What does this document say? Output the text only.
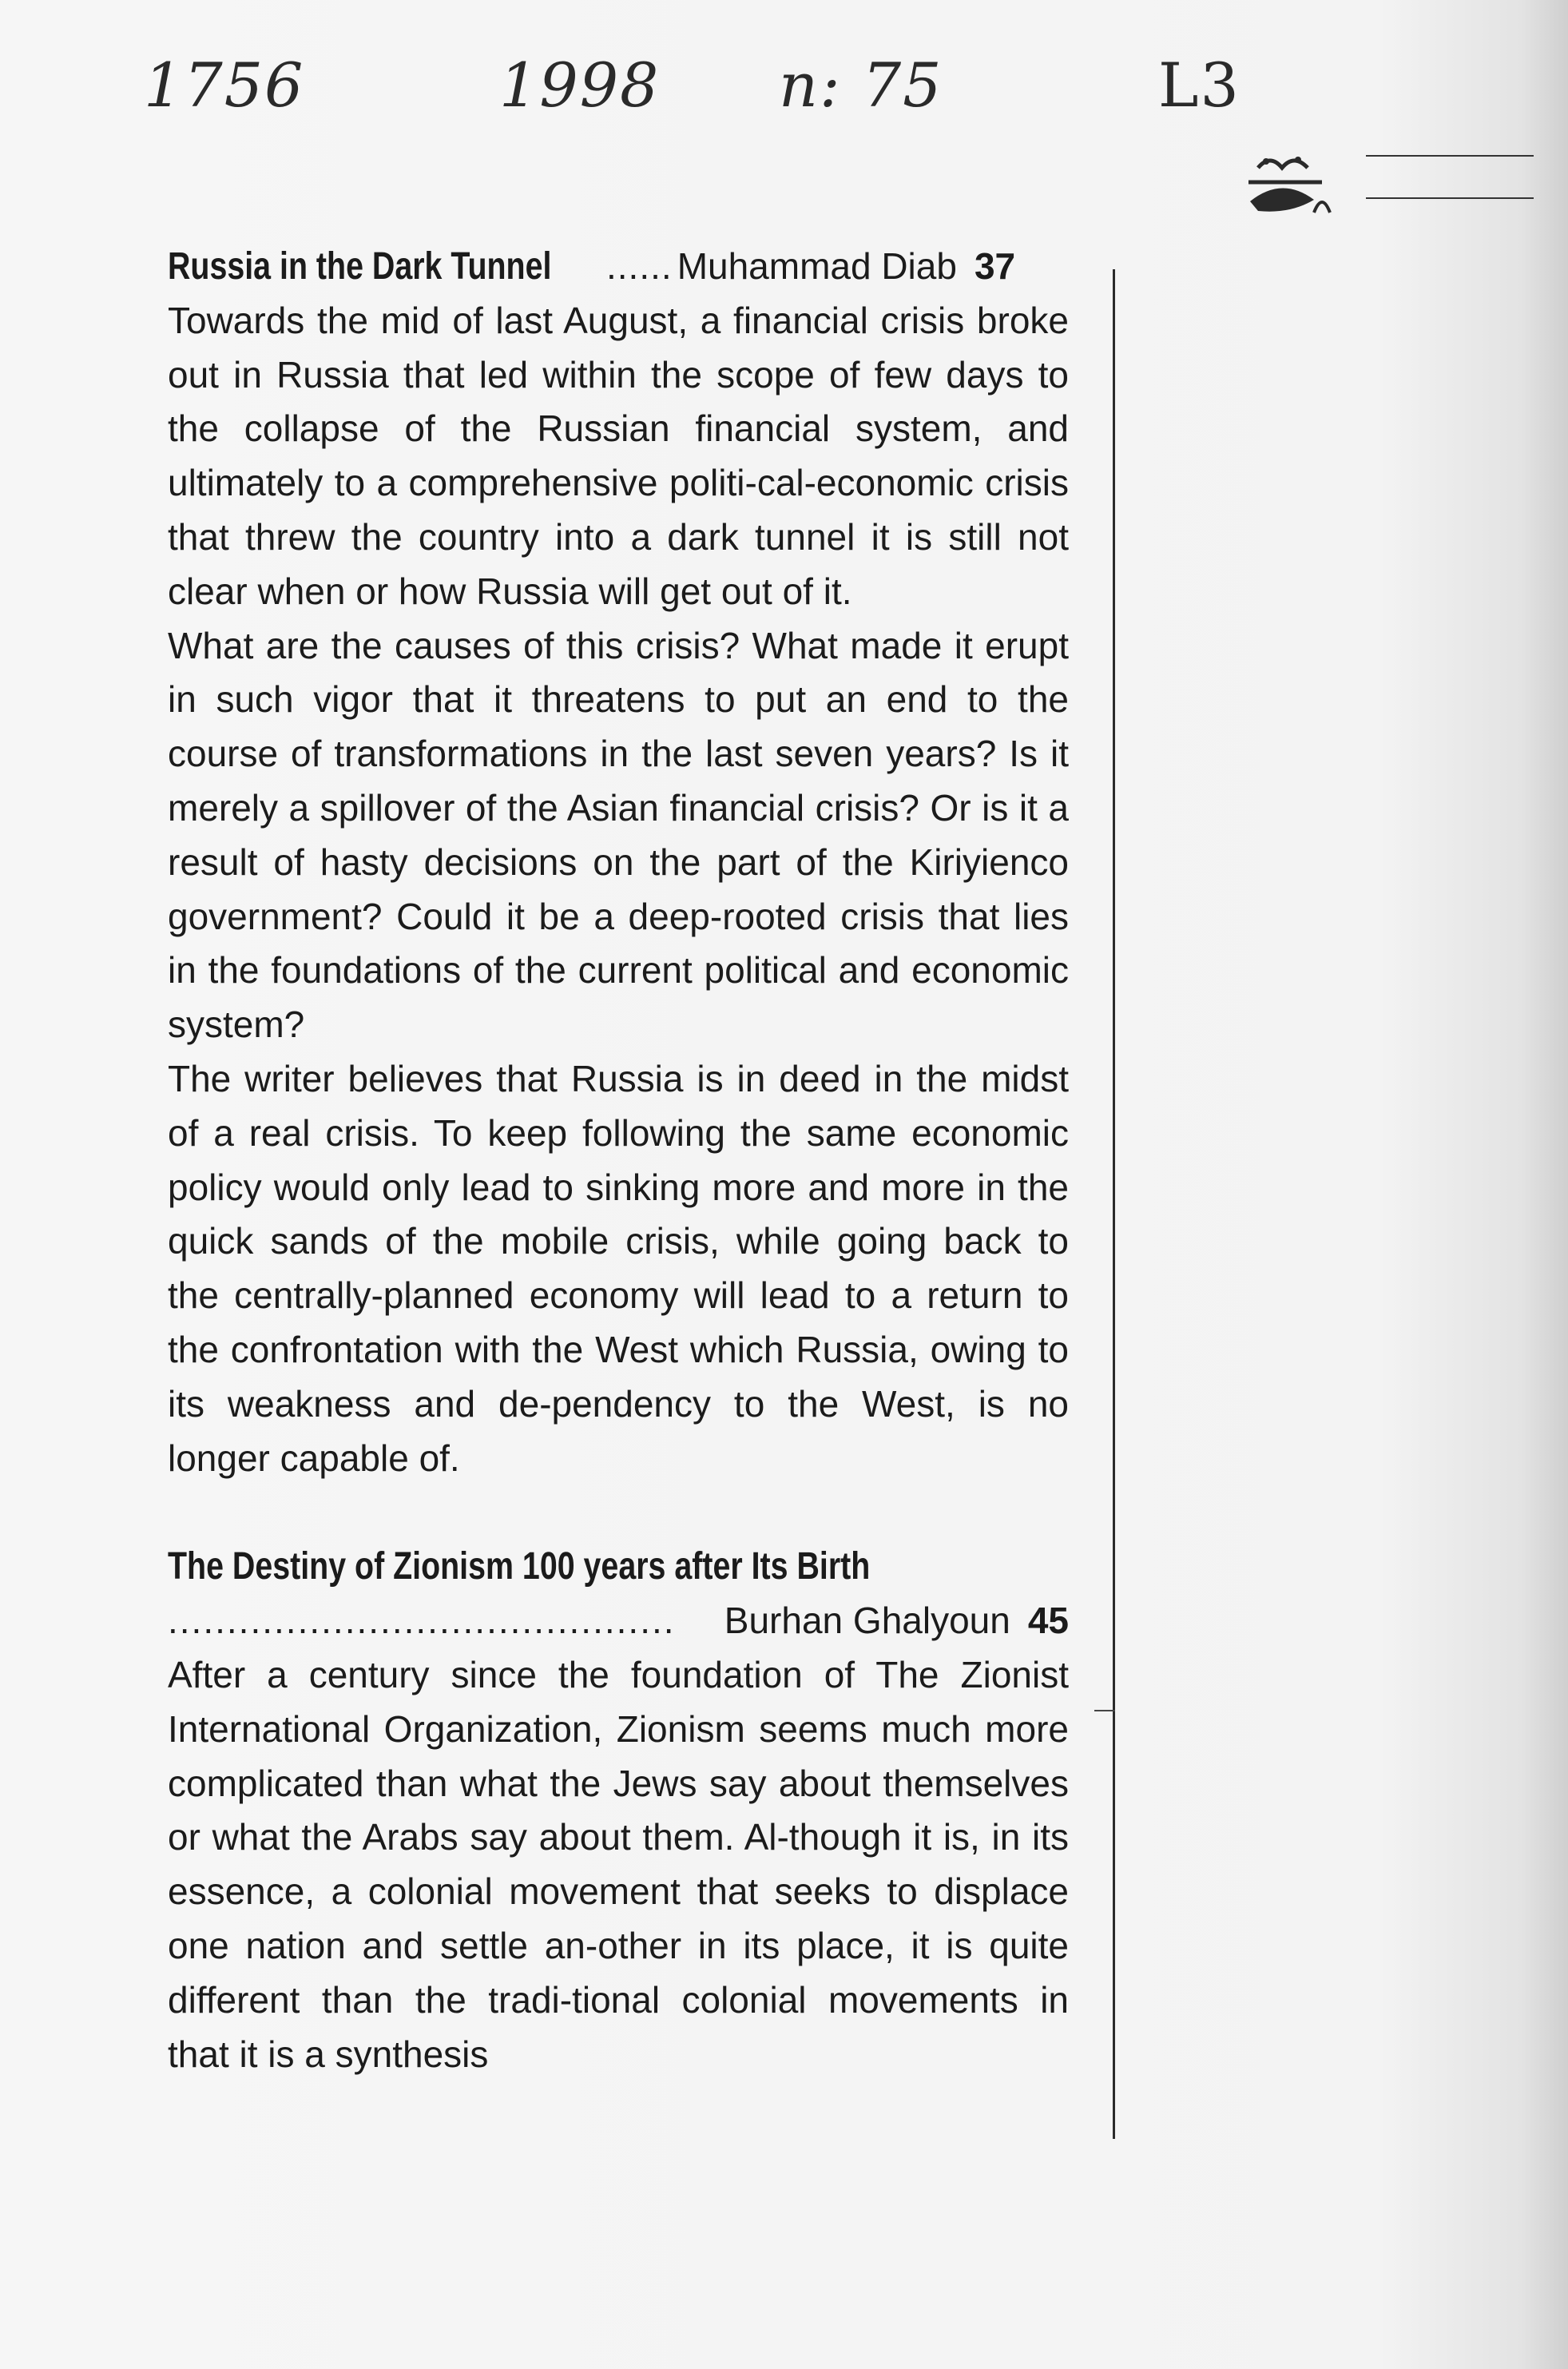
1756	1998 n: 75	L3
Russia in the Dark Tunnel	...... Muhammad Diab 37

Towards the mid of last August, a financial crisis broke out in Russia that led within the scope of few days to the collapse of the Russian financial system, and ultimately to a comprehensive politi-cal-economic crisis that threw the country into a dark tunnel it is still not clear when or how Russia will get out of it.

What are the causes of this crisis? What made it erupt in such vigor that it threatens to put an end to the course of transformations in the last seven years? Is it merely a spillover of the Asian financial crisis? Or is it a result of hasty decisions on the part of the Kiriyienco government? Could it be a deep-rooted crisis that lies in the foundations of the current political and economic system?

The writer believes that Russia is in deed in the midst of a real crisis. To keep following the same economic policy would only lead to sinking more and more in the quick sands of the mobile crisis, while going back to the centrally-planned economy will lead to a return to the confrontation with the West which Russia, owing to its weakness and de-pendency to the West, is no longer capable of.

The Destiny of Zionism 100 years after Its Birth
...........................................	Burhan Ghalyoun 45

After a century since the foundation of The Zionist International Organization, Zionism seems much more complicated than what the Jews say about themselves or what the Arabs say about them. Al-though it is, in its essence, a colonial movement that seeks to displace one nation and settle an-other in its place, it is quite different than the tradi-tional colonial movements in that it is a synthesis
